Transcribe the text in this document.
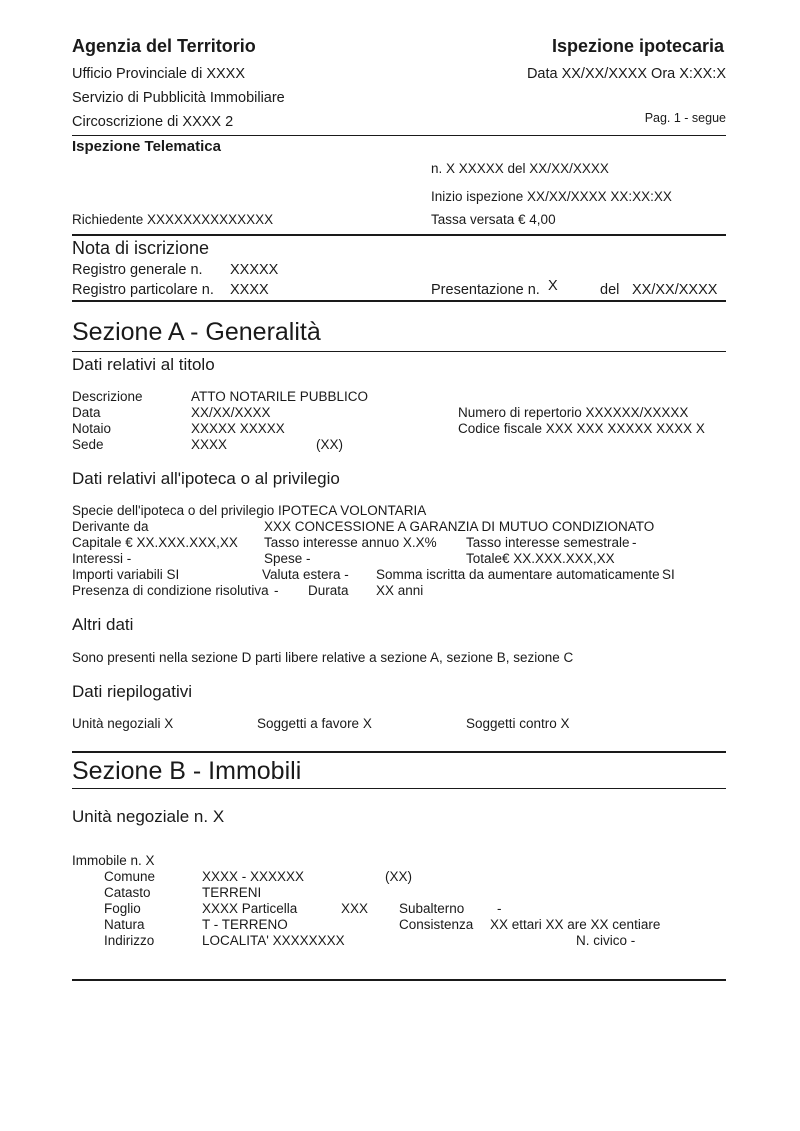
Agenzia del Territorio	Ispezione ipotecaria
Ufficio Provinciale di XXXX	Data XX/XX/XXXX Ora X:XX:X
Servizio di Pubblicità Immobiliare
Circoscrizione di XXXX 2	Pag. 1 - segue
Ispezione Telematica
n. X XXXXX del XX/XX/XXXX
Inizio ispezione XX/XX/XXXX XX:XX:XX
Richiedente XXXXXXXXXXXXXX	Tassa versata € 4,00
Nota di iscrizione
Registro generale n. XXXXX
Registro particolare n. XXXX	Presentazione n. X	del XX/XX/XXXX
Sezione A - Generalità
Dati relativi al titolo
Descrizione	ATTO NOTARILE PUBBLICO
Data	XX/XX/XXXX	Numero di repertorio XXXXXX/XXXXX
Notaio	XXXXX XXXXX	Codice fiscale XXX XXX XXXXX XXXX X
Sede	XXXX	(XX)
Dati relativi all'ipoteca o al privilegio
Specie dell'ipoteca o del privilegio IPOTECA VOLONTARIA
Derivante da	XXX CONCESSIONE A GARANZIA DI MUTUO CONDIZIONATO
Capitale € XX.XXX.XXX,XX Tasso interesse annuo X.X% Tasso interesse semestrale -
Interessi -	Spese -	Totale€ XX.XXX.XXX,XX
Importi variabili SI	Valuta estera - Somma iscritta da aumentare automaticamente SI
Presenza di condizione risolutiva - Durata XX anni
Altri dati
Sono presenti nella sezione D parti libere relative a sezione A, sezione B, sezione C
Dati riepilogativi
Unità negoziali X	Soggetti a favore X	Soggetti contro X
Sezione B - Immobili
Unità negoziale n. X
Immobile n. X
Comune	XXXX - XXXXXX	(XX)
Catasto	TERRENI
Foglio	XXXX Particella	XXX Subalterno -
Natura	T - TERRENO	Consistenza XX ettari XX are XX centiare
Indirizzo	LOCALITA' XXXXXXXX	N. civico -
